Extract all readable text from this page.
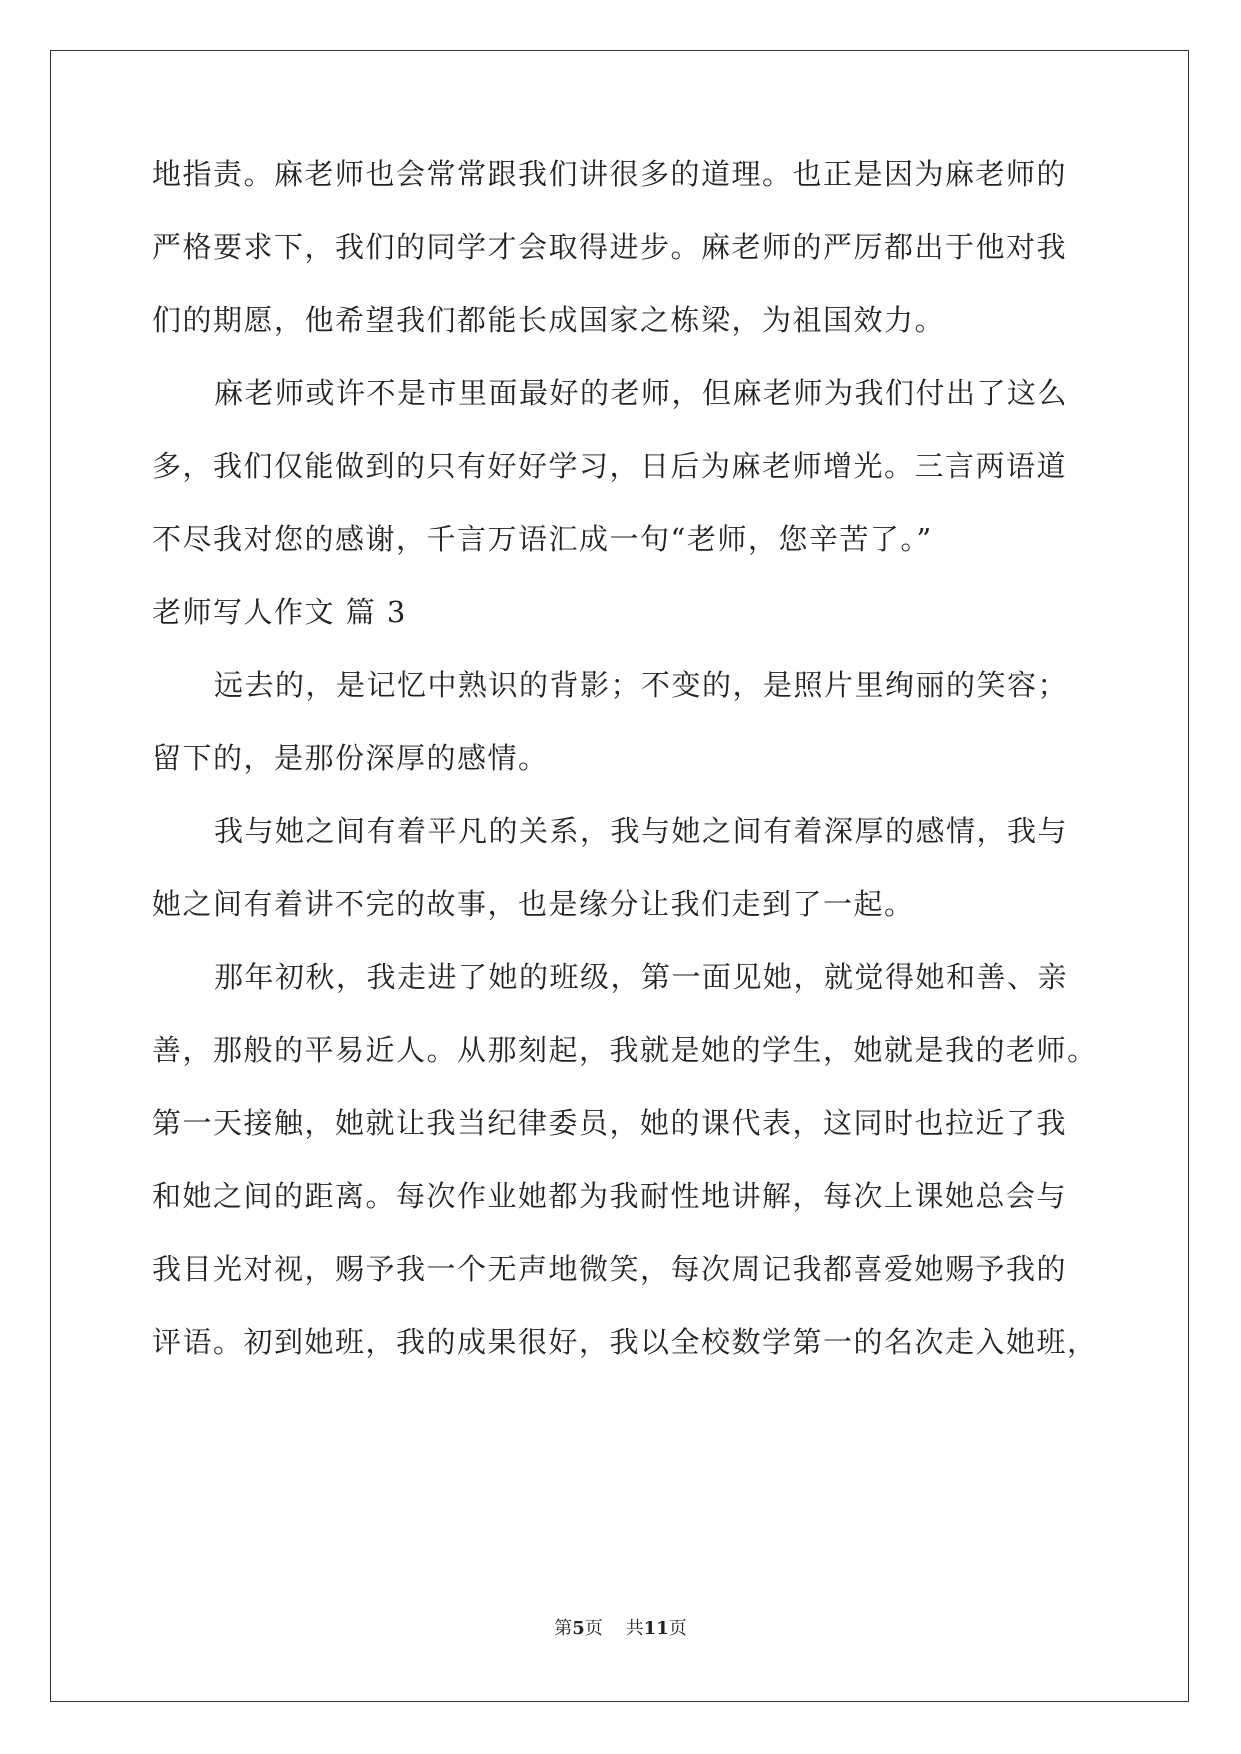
地指责。麻老师也会常常跟我们讲很多的道理。也正是因为麻老师的
严格要求下，我们的同学才会取得进步。麻老师的严厉都出于他对我
们的期愿，他希望我们都能长成国家之栋梁，为祖国效力。
麻老师或许不是市里面最好的老师，但麻老师为我们付出了这么
多，我们仅能做到的只有好好学习，日后为麻老师增光。三言两语道
不尽我对您的感谢，千言万语汇成一句“老师，您辛苦了。”
老师写人作文 篇 3
远去的，是记忆中熟识的背影；不变的，是照片里绚丽的笑容；
留下的，是那份深厚的感情。
我与她之间有着平凡的关系，我与她之间有着深厚的感情，我与
她之间有着讲不完的故事，也是缘分让我们走到了一起。
那年初秋，我走进了她的班级，第一面见她，就觉得她和善、亲
善，那般的平易近人。从那刻起，我就是她的学生，她就是我的老师。
第一天接触，她就让我当纪律委员，她的课代表，这同时也拉近了我
和她之间的距离。每次作业她都为我耐性地讲解，每次上课她总会与
我目光对视，赐予我一个无声地微笑，每次周记我都喜爱她赐予我的
评语。初到她班，我的成果很好，我以全校数学第一的名次走入她班，
第5页    共11页
